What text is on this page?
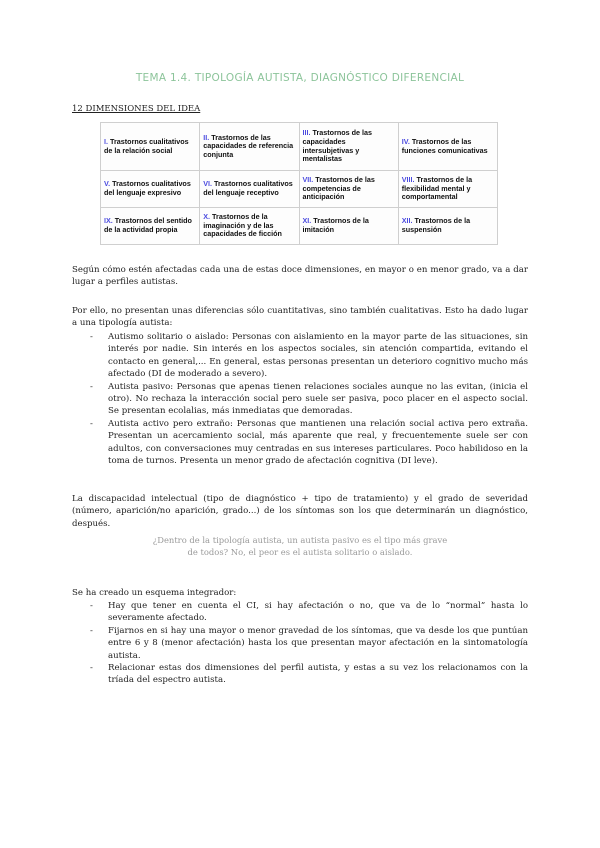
TEMA 1.4. TIPOLOGÍA AUTISTA, DIAGNÓSTICO DIFERENCIAL
12 DIMENSIONES DEL IDEA
I. Trastornos cualitativos de la relación social	II. Trastornos de las capacidades de referencia conjunta	III. Trastornos de las capacidades intersubjetivas y mentalistas	IV. Trastornos de las funciones comunicativas
V. Trastornos cualitativos del lenguaje expresivo	VI. Trastornos cualitativos del lenguaje receptivo	VII. Trastornos de las competencias de anticipación	VIII. Trastornos de la flexibilidad mental y comportamental
IX. Trastornos del sentido de la actividad propia	X. Trastornos de la imaginación y de las capacidades de ficción	XI. Trastornos de la imitación	XII. Trastornos de la suspensión
Según cómo estén afectadas cada una de estas doce dimensiones, en mayor o en menor grado, va a dar lugar a perfiles autistas.
Por ello, no presentan unas diferencias sólo cuantitativas, sino también cualitativas. Esto ha dado lugar a una tipología autista:
- Autismo solitario o aislado: Personas con aislamiento en la mayor parte de las situaciones, sin interés por nadie. Sin interés en los aspectos sociales, sin atención compartida, evitando el contacto en general,... En general, estas personas presentan un deterioro cognitivo mucho más afectado (DI de moderado a severo).
- Autista pasivo: Personas que apenas tienen relaciones sociales aunque no las evitan, (inicia el otro). No rechaza la interacción social pero suele ser pasiva, poco placer en el aspecto social. Se presentan ecolalias, más inmediatas que demoradas.
- Autista activo pero extraño: Personas que mantienen una relación social activa pero extraña. Presentan un acercamiento social, más aparente que real, y frecuentemente suele ser con adultos, con conversaciones muy centradas en sus intereses particulares. Poco habilidoso en la toma de turnos. Presenta un menor grado de afectación cognitiva (DI leve).
La discapacidad intelectual (tipo de diagnóstico + tipo de tratamiento) y el grado de severidad (número, aparición/no aparición, grado...) de los síntomas son los que determinarán un diagnóstico, después.
¿Dentro de la tipología autista, un autista pasivo es el tipo más grave de todos? No, el peor es el autista solitario o aislado.
Se ha creado un esquema integrador:
- Hay que tener en cuenta el CI, si hay afectación o no, que va de lo “normal” hasta lo severamente afectado.
- Fijarnos en si hay una mayor o menor gravedad de los síntomas, que va desde los que puntúan entre 6 y 8 (menor afectación) hasta los que presentan mayor afectación en la sintomatología autista.
- Relacionar estas dos dimensiones del perfil autista, y estas a su vez los relacionamos con la tríada del espectro autista.
